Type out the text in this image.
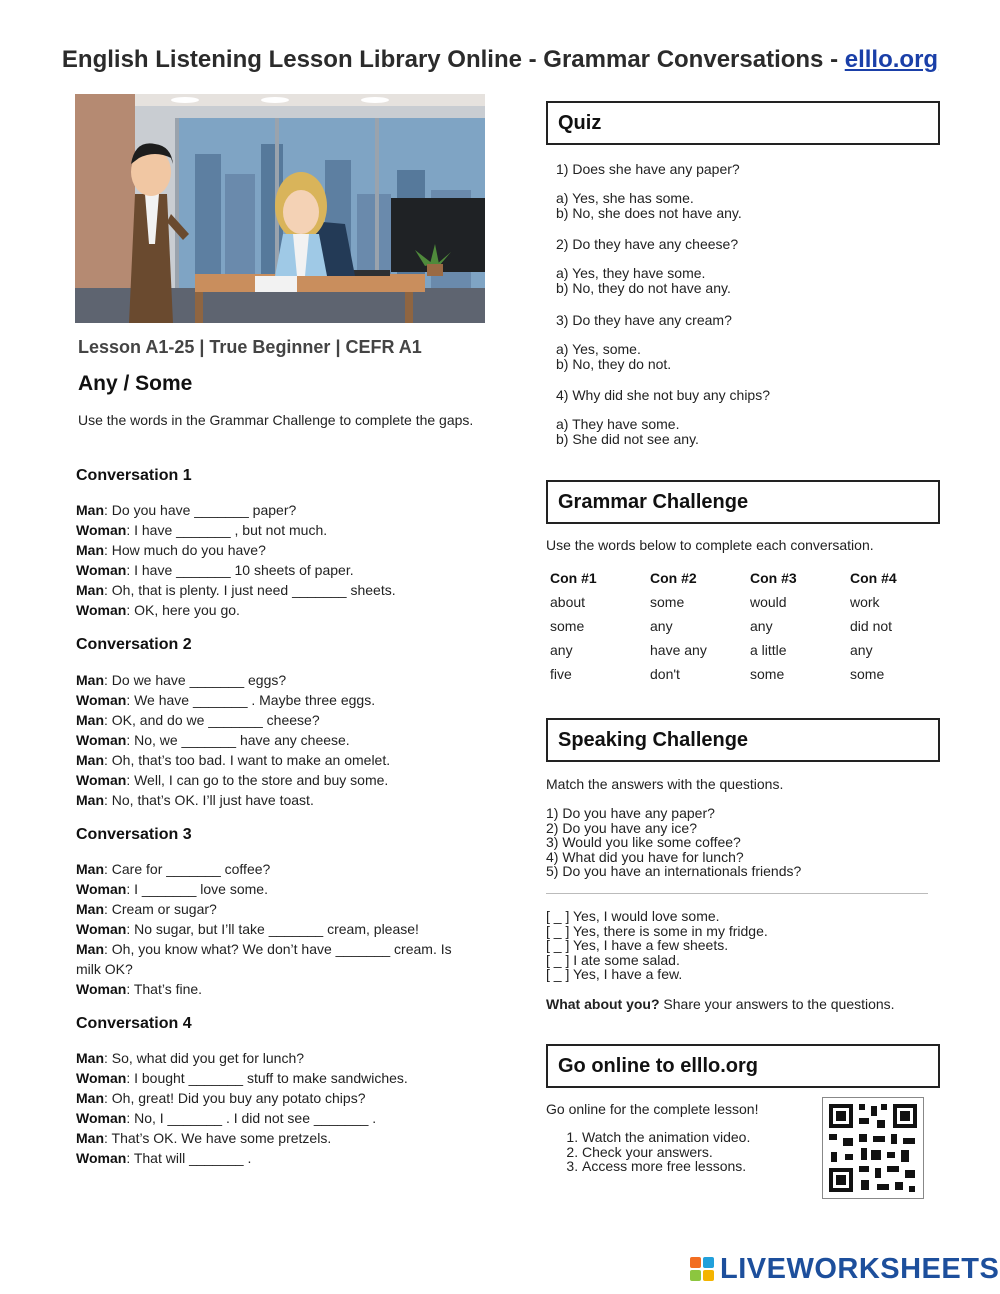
English Listening Lesson Library Online - Grammar Conversations - elllo.org
Lesson A1-25 | True Beginner | CEFR A1
Any / Some
Use the words in the Grammar Challenge to complete the gaps.
Conversation 1
Man: Do you have _______ paper?
Woman: I have _______ , but not much.
Man: How much do you have?
Woman: I have _______ 10 sheets of paper.
Man: Oh, that is plenty. I just need _______ sheets.
Woman: OK, here you go.
Conversation 2
Man: Do we have _______ eggs?
Woman: We have _______ . Maybe three eggs.
Man: OK, and do we _______ cheese?
Woman: No, we _______ have any cheese.
Man: Oh, that’s too bad. I want to make an omelet.
Woman: Well, I can go to the store and buy some.
Man: No, that’s OK. I’ll just have toast.
Conversation 3
Man: Care for _______ coffee?
Woman: I _______ love some.
Man: Cream or sugar?
Woman: No sugar, but I’ll take _______ cream, please!
Man: Oh, you know what? We don’t have _______ cream. Is milk OK?
Woman: That’s fine.
Conversation 4
Man: So, what did you get for lunch?
Woman: I bought _______ stuff to make sandwiches.
Man: Oh, great! Did you buy any potato chips?
Woman: No, I _______ . I did not see _______ .
Man: That’s OK. We have some pretzels.
Woman: That will _______ .
Quiz
1) Does she have any paper?
a) Yes, she has some.
b) No, she does not have any.
2) Do they have any cheese?
a) Yes, they have some.
b) No, they do not have any.
3) Do they have any cream?
a) Yes, some.
b) No, they do not.
4) Why did she not buy any chips?
a) They have some.
b) She did not see any.
Grammar Challenge
Use the words below to complete each conversation.
Con #1	Con #2	Con #3	Con #4
about	some	would	work
some	any	any	did not
any	have any	a little	any
five	don't	some	some
Speaking Challenge
Match the answers with the questions.
1) Do you have any paper?
2) Do you have any ice?
3) Would you like some coffee?
4) What did you have for lunch?
5) Do you have an internationals friends?
[ _ ] Yes, I would love some.
[ _ ] Yes, there is some in my fridge.
[ _ ] Yes, I have a few sheets.
[ _ ] I ate some salad.
[ _ ] Yes, I have a few.
What about you? Share your answers to the questions.
Go online to elllo.org
Go online for the complete lesson!
1. Watch the animation video.
2. Check your answers.
3. Access more free lessons.
LIVEWORKSHEETS
